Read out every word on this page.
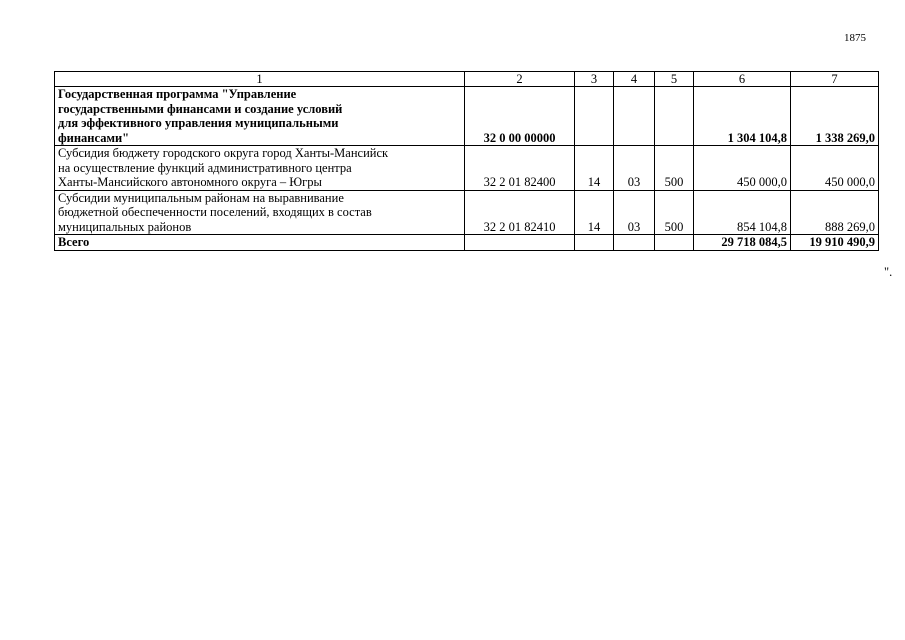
1875
1	2	3	4	5	6	7
Государственная программа "Управление
государственными финансами и создание условий
для эффективного управления муниципальными
финансами"	32 0 00 00000				1 304 104,8	1 338 269,0
Субсидия бюджету городского округа город Ханты-Мансийск
на осуществление функций административного центра
Ханты-Мансийского автономного округа – Югры	32 2 01 82400	14	03	500	450 000,0	450 000,0
Субсидии муниципальным районам на выравнивание
бюджетной обеспеченности поселений, входящих в состав
муниципальных районов	32 2 01 82410	14	03	500	854 104,8	888 269,0
Всего					29 718 084,5	19 910 490,9
".
